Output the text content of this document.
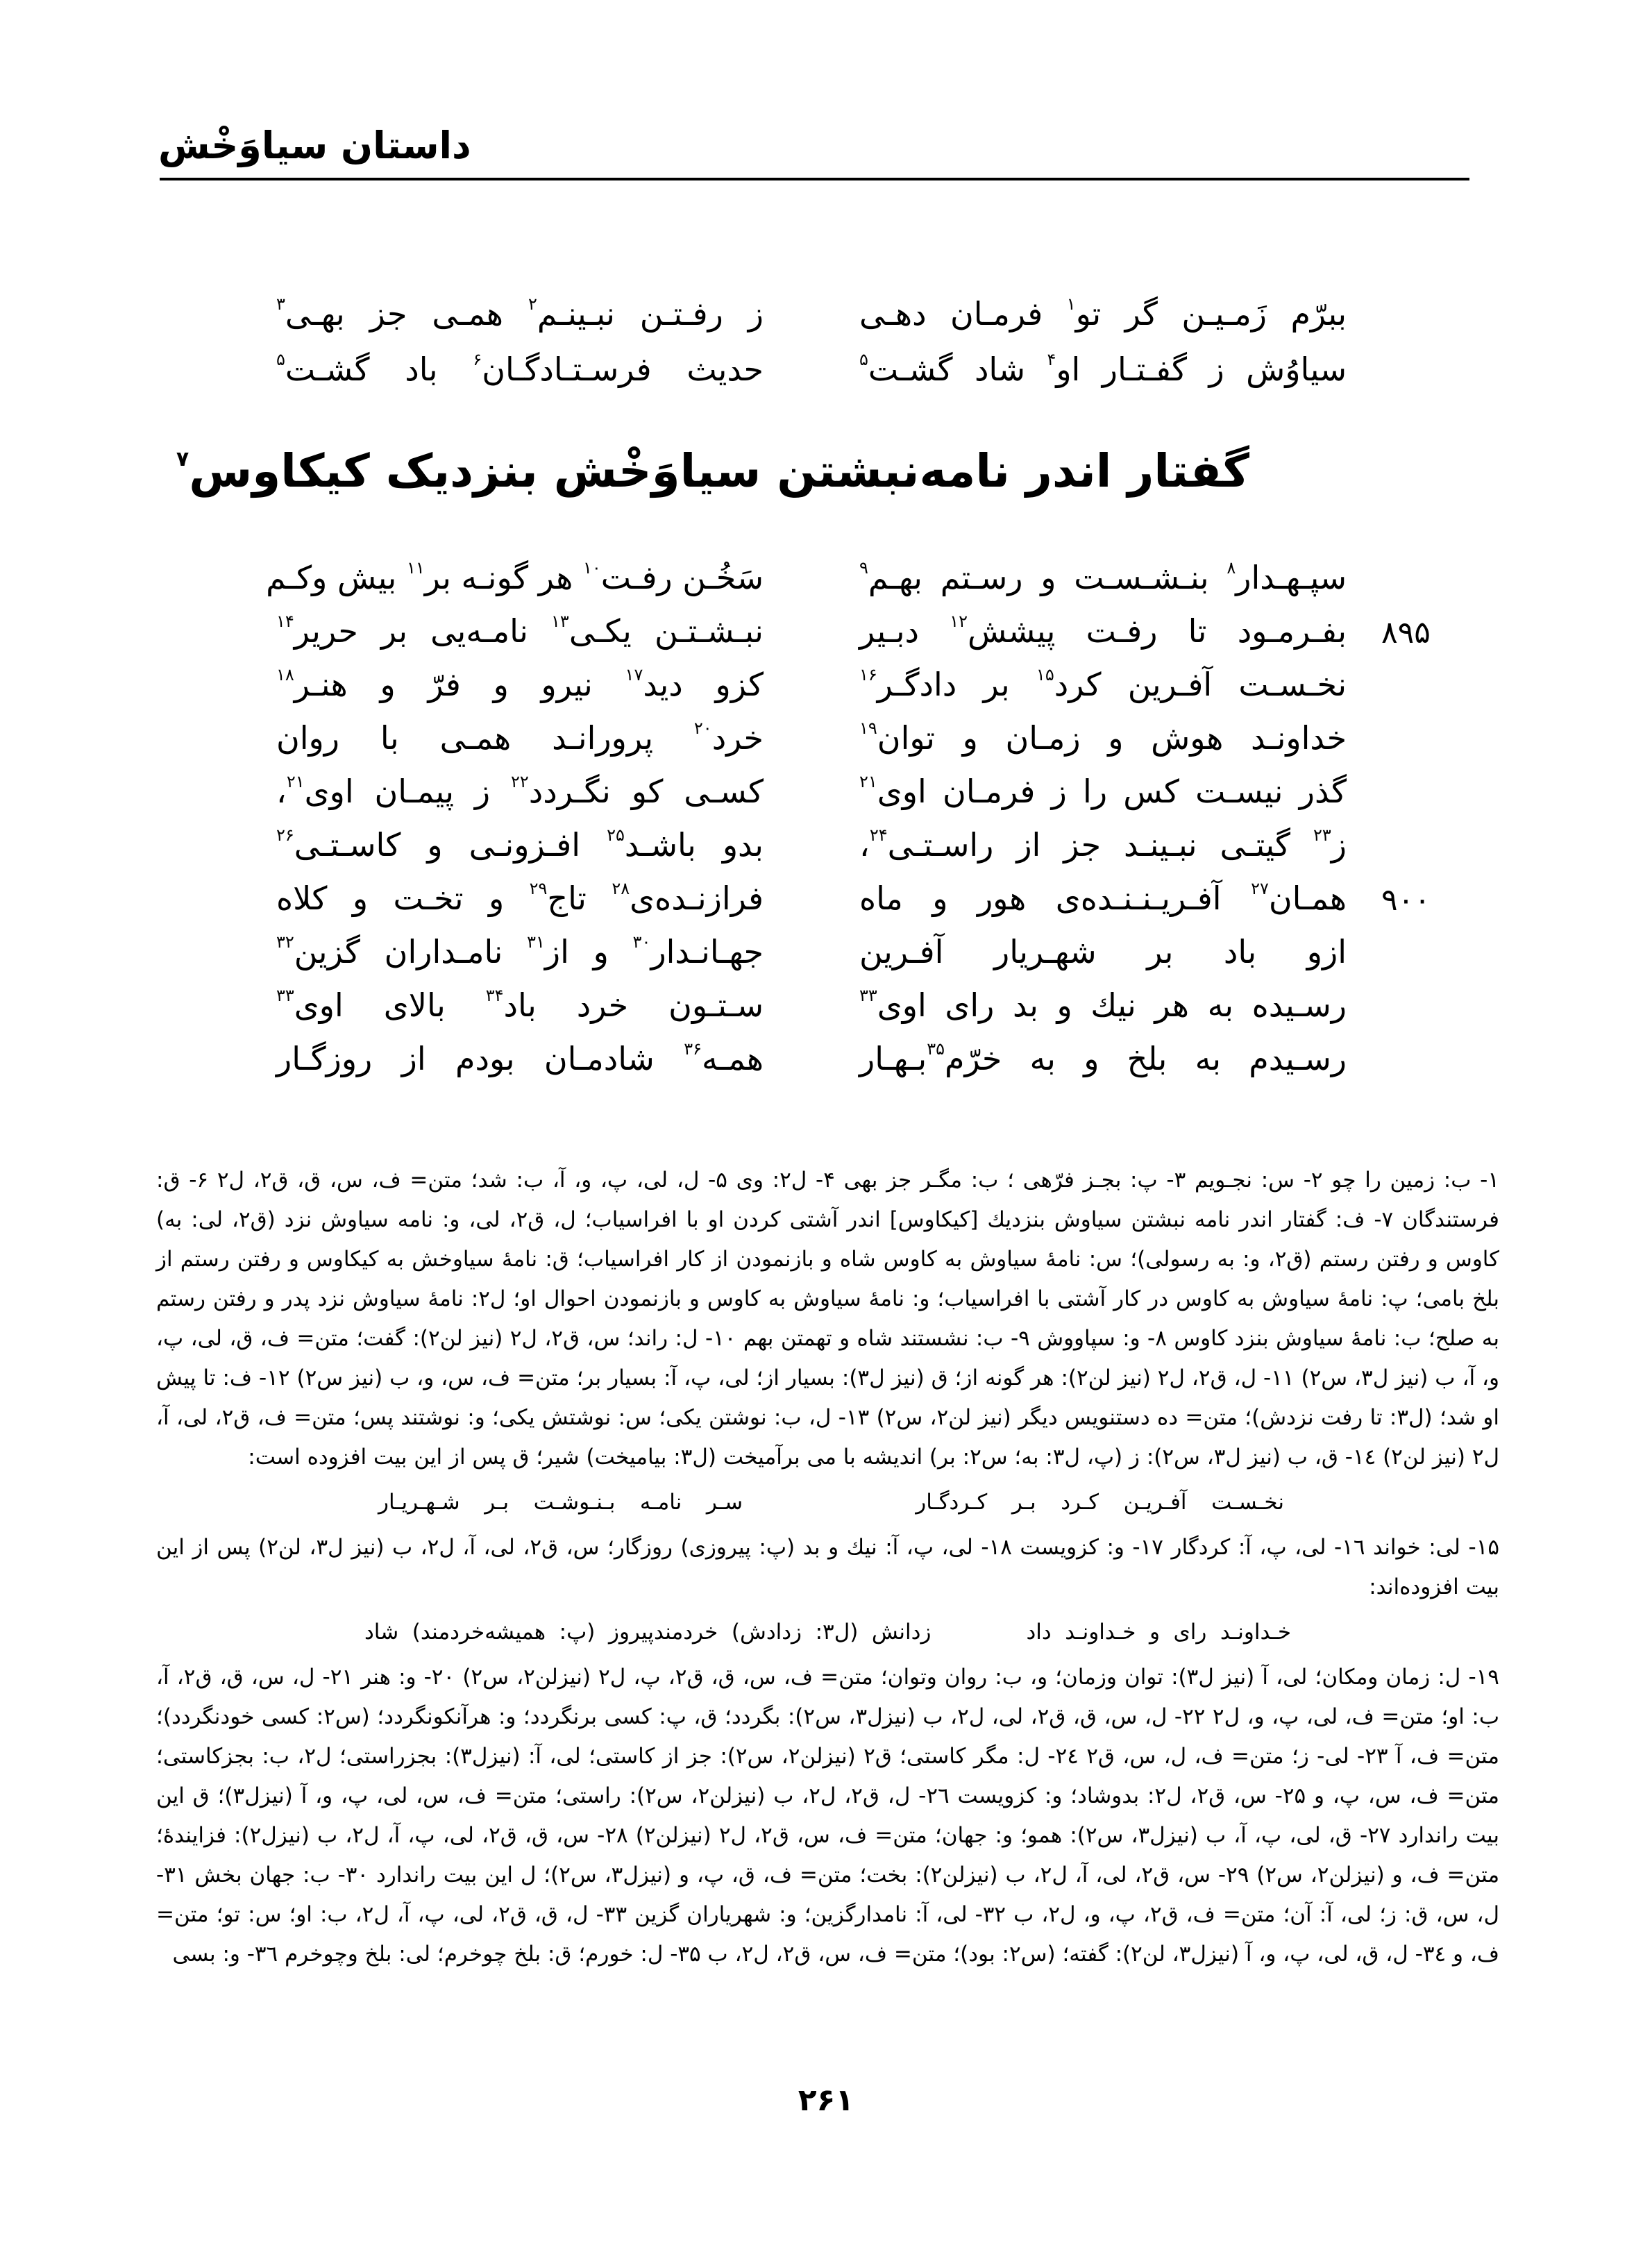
داستان سیاوَخْش
ببرّم زَمـیـن گر تو$^۱$ فرمـان دهـی
ز رفـتـن نبـینـم$^۲$ همـی جز بهـی$^۳$
سیاوُش ز گفـتـار او$^۴$ شاد گشـت$^۵$
حدیث فرسـتـادگـان$^۶$ باد گشـت$^۵$
گفتار اندر نامه‌نبشتن سیاوَخْش بنزدیک کیکاوس$^۷$
سپـهـدار$^۸$ بنـشـسـت و رسـتم بهـم$^۹$
سَخُـن رفـت$^{۱۰}$ هر گونـه بر$^{۱۱}$ بیش وکـم
بفـرمـود تا رفـت پیشش$^{۱۲}$ دبـیر
نبـشـتـن یکـی$^{۱۳}$ نامـه‌یی بر حریر$^{۱۴}$	۸۹۵
نخـسـت آفـرین کرد$^{۱۵}$ بر دادگـر$^{۱۶}$
کزو دید$^{۱۷}$ نیرو و فرّ و هنـر$^{۱۸}$
خداونـد هوش و زمـان و توان$^{۱۹}$
خرد$^{۲۰}$ پرورانـد همـی با روان
گذر نیسـت کس را ز فرمـان اوی$^{۲۱}$
کسـی کو نگـردد$^{۲۲}$ ز پیمـان اوی$^{۲۱}$،
ز$^{۲۳}$ گیتـی نبـینـد جز از راسـتـی$^{۲۴}$،
بدو باشـد$^{۲۵}$ افـزونـی و کاسـتـی$^{۲۶}$
همـان$^{۲۷}$ آفـریـنـنـده‌ی هور و ماه
فرازنـده‌ی$^{۲۸}$ تاج$^{۲۹}$ و تخـت و کلاه	۹۰۰
ازو باد بر شهـریار آفـرین
جهـانـدار$^{۳۰}$ و از$^{۳۱}$ نامـداران گزین$^{۳۲}$
رسـیده به هر نیك و بد رای اوی$^{۳۳}$
سـتـون خرد باد$^{۳۴}$ بالای اوی$^{۳۳}$
رسـیدم به بلخ و به خرّم$^{۳۵}$بـهـار
همـه$^{۳۶}$ شادمـان بودم از روزگـار

۱- ب: زمین را چو ۲- س: نجـویم ۳- پ: بجـز فرّهی ؛ ب: مگـر جز بهی ۴- ل۲: وی ۵- ل، لی، پ، و، آ، ب: شد؛ متن= ف، س، ق، ق۲، ل۲ ۶- ق: فرستندگان ۷- ف: گفتار اندر نامه نبشتن سیاوش بنزدیك [کیکاوس] اندر آشتی کردن او با افراسیاب؛ ل، ق۲، لی، و: نامه سیاوش نزد (ق۲، لی: به) کاوس و رفتن رستم (ق۲، و: به رسولی)؛ س: نامهٔ سیاوش به کاوس شاه و بازنمودن از کار افراسیاب؛ ق: نامهٔ سیاوخش به کیکاوس و رفتن رستم از بلخ بامی؛ پ: نامهٔ سیاوش به کاوس در کار آشتی با افراسیاب؛ و: نامهٔ سیاوش به کاوس و بازنمودن احوال او؛ ل۲: نامهٔ سیاوش نزد پدر و رفتن رستم به صلح؛ ب: نامهٔ سیاوش بنزد کاوس ۸- و: سپاووش ۹- ب: نشستند شاه و تهمتن بهم ۱۰- ل: راند؛ س، ق۲، ل۲ (نیز لن۲): گفت؛ متن= ف، ق، لی، پ، و، آ، ب (نیز ل۳، س۲) ۱۱- ل، ق۲، ل۲ (نیز لن۲): هر گونه از؛ ق (نیز ل۳): بسیار از؛ لی، پ، آ: بسیار بر؛ متن= ف، س، و، ب (نیز س۲) ۱۲- ف: تا پیش او شد؛ (ل۳: تا رفت نزدش)؛ متن= ده دستنویس دیگر (نیز لن۲، س۲) ۱۳- ل، ب: نوشتن یکی؛ س: نوشتش یکی؛ و: نوشتند پس؛ متن= ف، ق۲، لی، آ، ل۲ (نیز لن۲) ۱٤- ق، ب (نیز ل۳، س۲): ز (پ، ل۳: به؛ س۲: بر) اندیشه با می برآمیخت (ل۳: بیامیخت) شیر؛ ق پس از این بیت افزوده است:

نخـسـت آفـریـن کـرد بـر کـردگـار       سـر نامـه بـنـوشـت بـر شـهـریـار

۱۵- لی: خواند ۱٦- لی، پ، آ: کردگار ۱۷- و: کزویست ۱۸- لی، پ، آ: نیك و بد (پ: پیروزی) روزگار؛ س، ق۲، لی، آ، ل۲، ب (نیز ل۳، لن۲) پس از این بیت افزوده‌اند:

خـداونـد رای و خـداونـد داد       زدانش (ل۳: زدادش) خردمندپیروز (پ: همیشه‌خردمند) شاد

۱۹- ل: زمان ومکان؛ لی، آ (نیز ل۳): توان وزمان؛ و، ب: روان وتوان؛ متن= ف، س، ق، ق۲، پ، ل۲ (نیزلن۲، س۲) ۲۰- و: هنر ۲۱- ل، س، ق، ق۲، آ، ب: او؛ متن= ف، لی، پ، و، ل۲ ۲۲- ل، س، ق، ق۲، لی، ل۲، ب (نیزل۳، س۲): بگردد؛ ق، پ: کسی برنگردد؛ و: هرآنکونگردد؛ (س۲: کسی خودنگردد)؛ متن= ف، آ ۲۳- لی- ز؛ متن= ف، ل، س، ق۲ ۲٤- ل: مگر کاستی؛ ق۲ (نیزلن۲، س۲): جز از کاستی؛ لی، آ: (نیزل۳): بجزراستی؛ ل۲، ب: بجزکاستی؛ متن= ف، س، پ، و ۲۵- س، ق۲، ل۲: بدوشاد؛ و: کزویست ۲٦- ل، ق۲، ل۲، ب (نیزلن۲، س۲): راستی؛ متن= ف، س، لی، پ، و، آ (نیزل۳)؛ ق این بیت راندارد ۲۷- ق، لی، پ، آ، ب (نیزل۳، س۲): همو؛ و: جهان؛ متن= ف، س، ق۲، ل۲ (نیزلن۲) ۲۸- س، ق، ق۲، لی، پ، آ، ل۲، ب (نیزل۲): فزایندهٔ؛ متن= ف، و (نیزلن۲، س۲) ۲۹- س، ق۲، لی، آ، ل۲، ب (نیزلن۲): بخت؛ متن= ف، ق، پ، و (نیزل۳، س۲)؛ ل این بیت راندارد ۳۰- ب: جهان بخش ۳۱- ل، س، ق: ز؛ لی، آ: آن؛ متن= ف، ق۲، پ، و، ل۲، ب ۳۲- لی، آ: نامدارگزین؛ و: شهریاران گزین ۳۳- ل، ق، ق۲، لی، پ، آ، ل۲، ب: او؛ س: تو؛ متن= ف، و ۳٤- ل، ق، لی، پ، و، آ (نیزل۳، لن۲): گفته؛ (س۲: بود)؛ متن= ف، س، ق۲، ل۲، ب ۳۵- ل: خورم؛ ق: بلخ چوخرم؛ لی: بلخ وچوخرم ۳٦- و: بسی

۲۶۱
